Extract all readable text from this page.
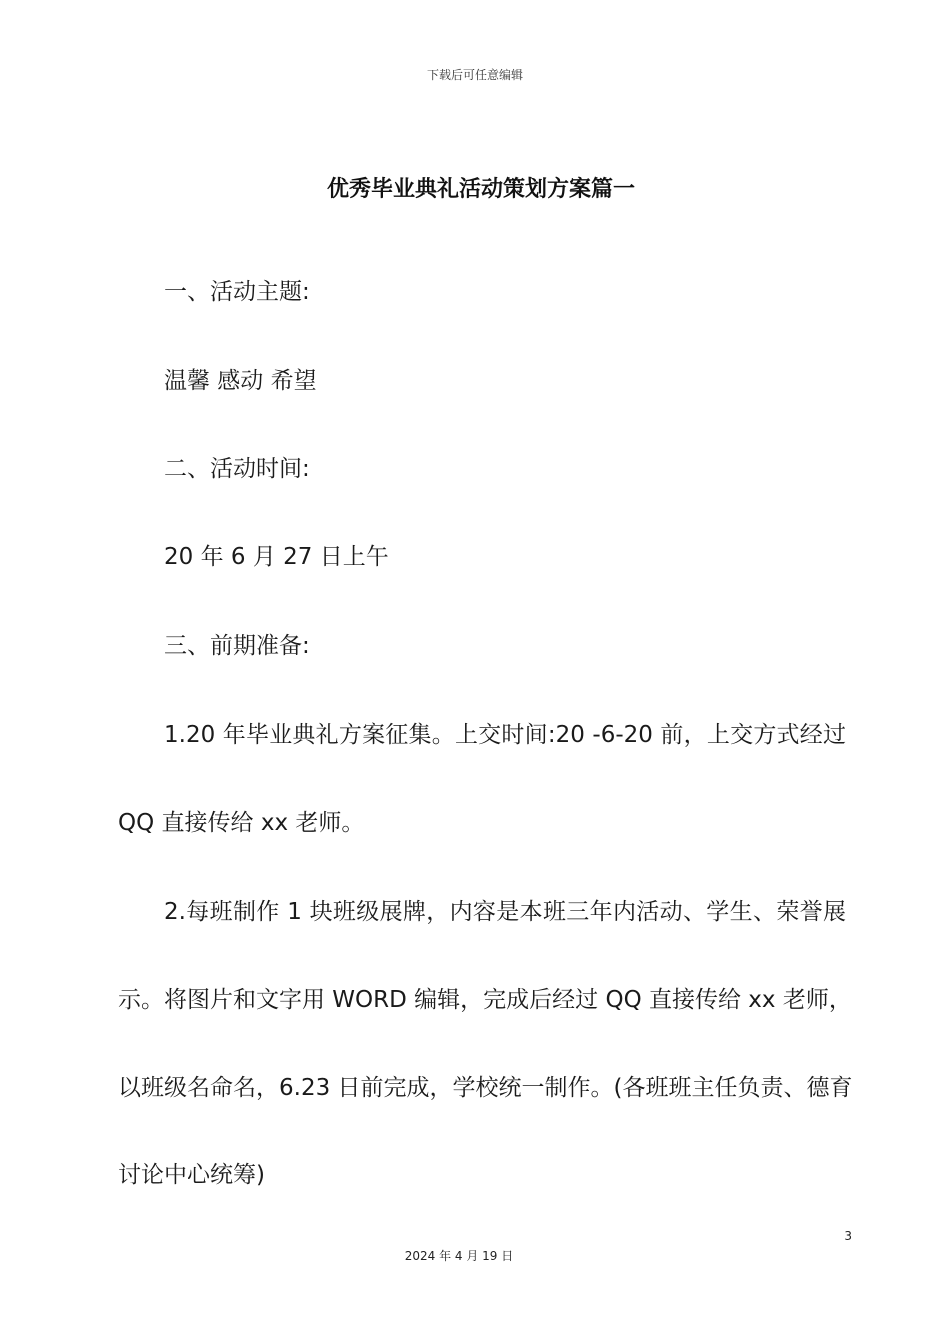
下载后可任意编辑
优秀毕业典礼活动策划方案篇一
一、活动主题:
温馨 感动 希望
二、活动时间:
20 年 6 月 27 日上午
三、前期准备:
1.20 年毕业典礼方案征集。上交时间:20 -6-20 前，上交方式经过
QQ 直接传给 xx 老师。
2.每班制作 1 块班级展牌，内容是本班三年内活动、学生、荣誉展
示。将图片和文字用 WORD 编辑，完成后经过 QQ 直接传给 xx 老师，
以班级名命名，6.23 日前完成，学校统一制作。(各班班主任负责、德育
讨论中心统筹)
3
2024 年 4 月 19 日
